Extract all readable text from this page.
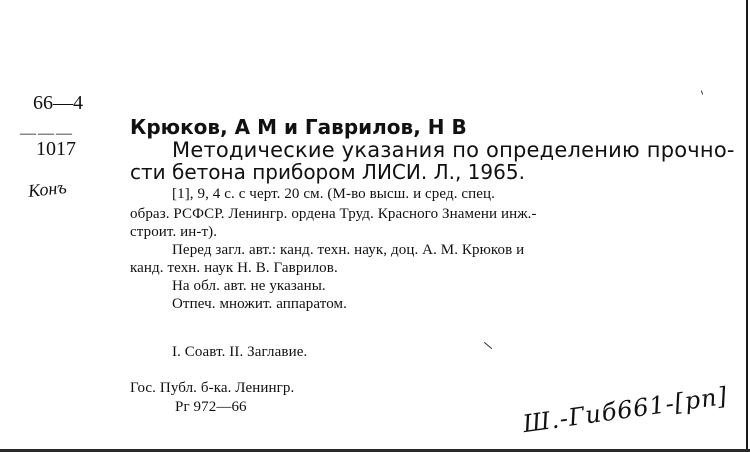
66—4
———
1017
Конъ
Крюков, А М и Гаврилов, Н В
Методические указания по определению прочно-
сти бетона прибором ЛИСИ. Л., 1965.
[1], 9, 4 с. с черт. 20 см. (М-во высш. и сред. спец.
образ. РСФСР. Ленингр. ордена Труд. Красного Знамени инж.-
строит. ин-т).
Перед загл. авт.: канд. техн. наук, доц. А. М. Крюков и
канд. техн. наук Н. В. Гаврилов.
На обл. авт. не указаны.
Отпеч. множит. аппаратом.
I. Соавт. II. Заглавие.
Гос. Публ. б-ка. Ленингр.
Рг 972—66	Ш.-Гиб661-[рп]
